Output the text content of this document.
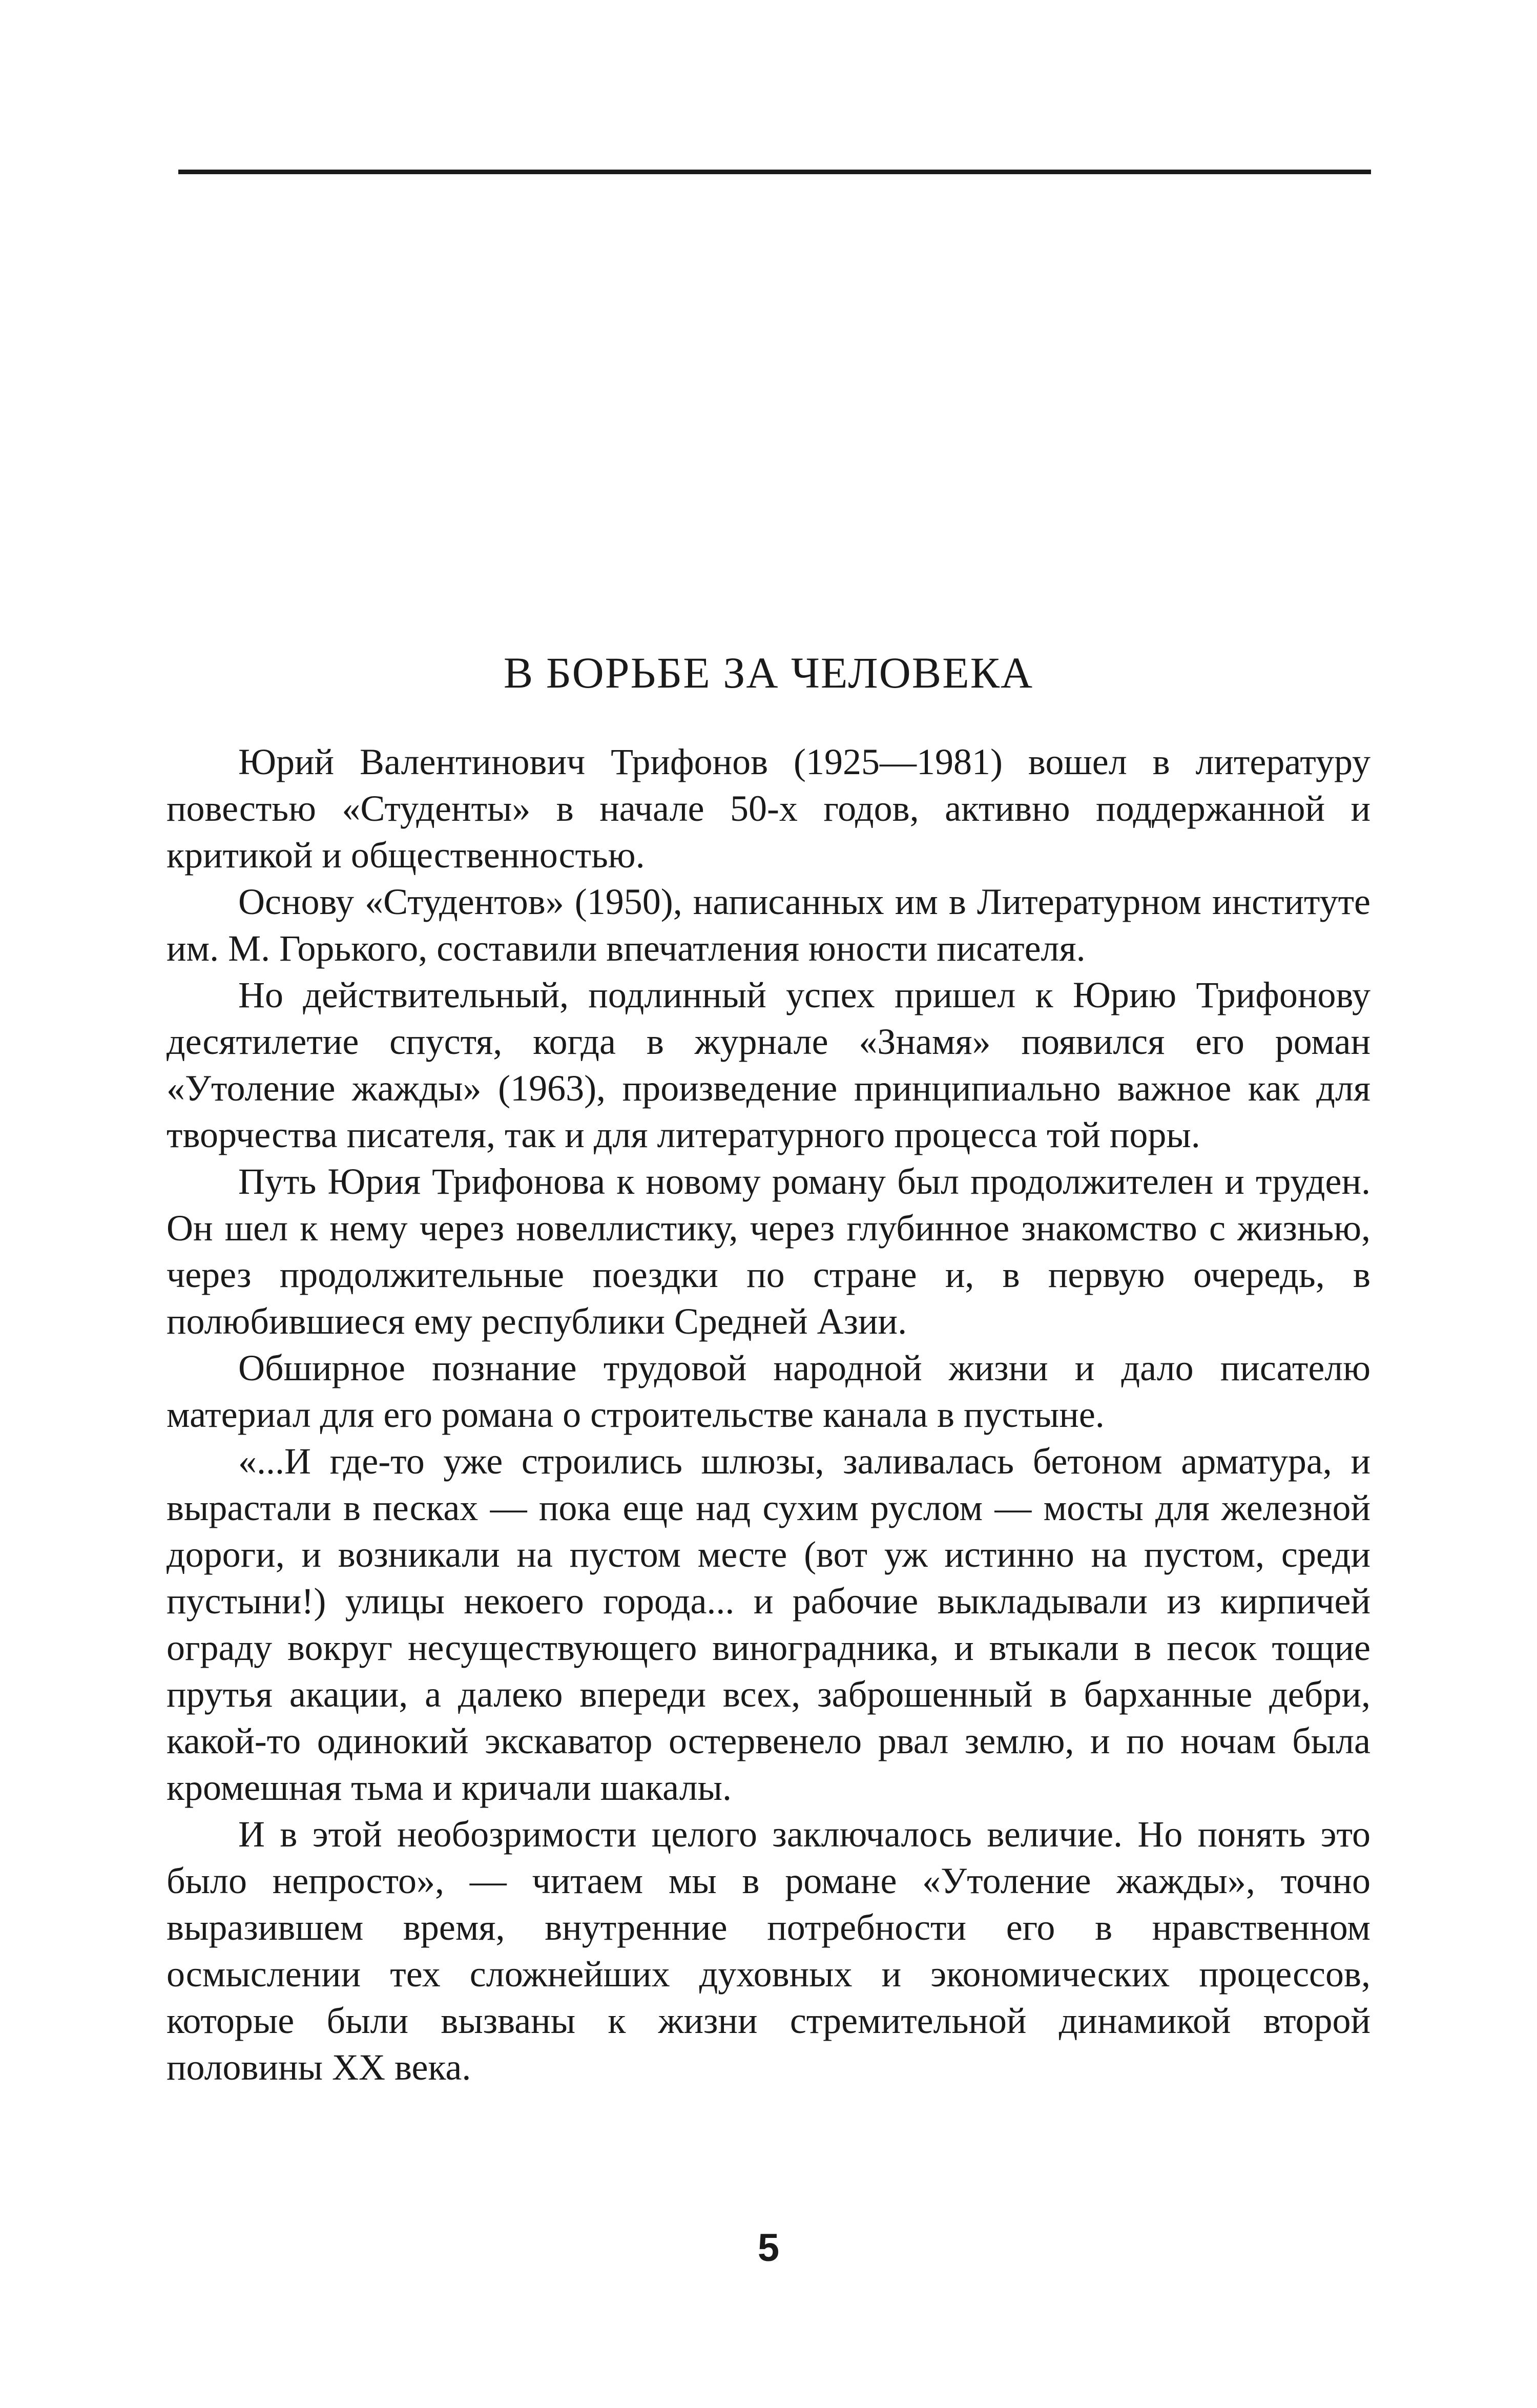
В БОРЬБЕ ЗА ЧЕЛОВЕКА

Юрий Валентинович Трифонов (1925—1981) вошел в литературу повестью «Студенты» в начале 50-х годов, активно поддержанной и критикой и общественностью.

Основу «Студентов» (1950), написанных им в Литературном институте им. М. Горького, составили впечатления юности писателя.

Но действительный, подлинный успех пришел к Юрию Трифонову десятилетие спустя, когда в журнале «Знамя» появился его роман «Утоление жажды» (1963), произведение принципиально важное как для творчества писателя, так и для литературного процесса той поры.

Путь Юрия Трифонова к новому роману был продолжителен и труден. Он шел к нему через новеллистику, через глубинное знакомство с жизнью, через продолжительные поездки по стране и, в первую очередь, в полюбившиеся ему республики Средней Азии.

Обширное познание трудовой народной жизни и дало писателю материал для его романа о строительстве канала в пустыне.

«...И где-то уже строились шлюзы, заливалась бетоном арматура, и вырастали в песках — пока еще над сухим руслом — мосты для железной дороги, и возникали на пустом месте (вот уж истинно на пустом, среди пустыни!) улицы некоего города... и рабочие выкладывали из кирпичей ограду вокруг несуществующего виноградника, и втыкали в песок тощие прутья акации, а далеко впереди всех, заброшенный в барханные дебри, какой-то одинокий экскаватор остервенело рвал землю, и по ночам была кромешная тьма и кричали шакалы.

И в этой необозримости целого заключалось величие. Но понять это было непросто», — читаем мы в романе «Утоление жажды», точно выразившем время, внутренние потребности его в нравственном осмыслении тех сложнейших духовных и экономических процессов, которые были вызваны к жизни стремительной динамикой второй половины XX века.

5
